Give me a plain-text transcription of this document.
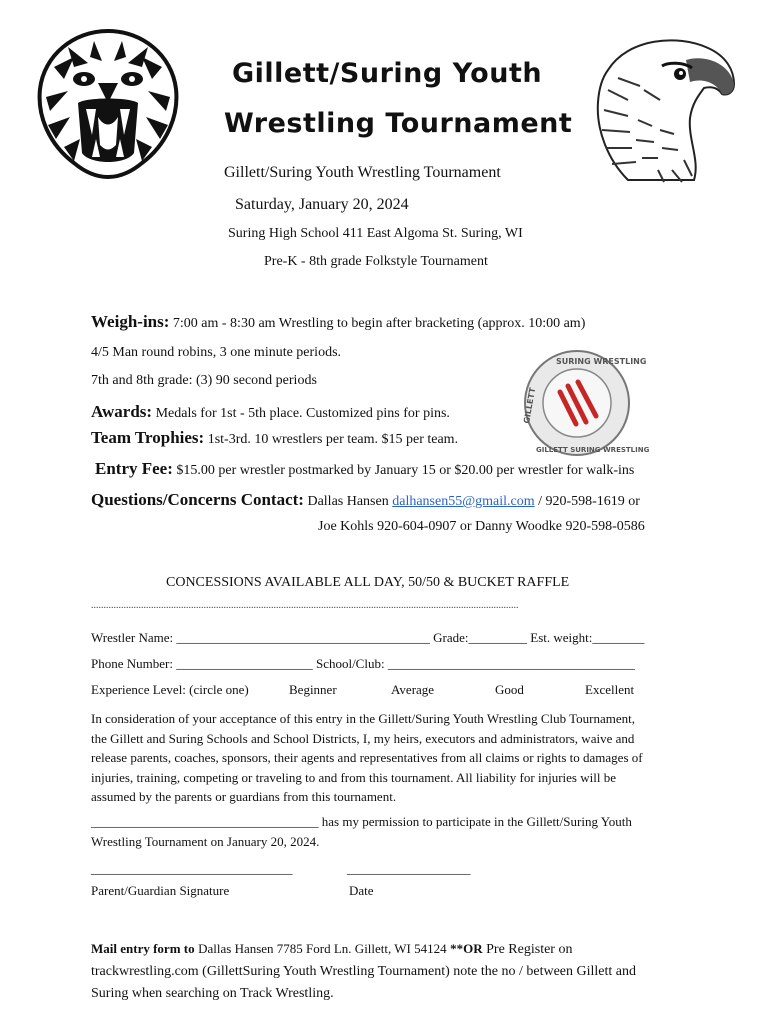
Gillett/Suring Youth
Wrestling Tournament
Gillett/Suring Youth Wrestling Tournament
Saturday, January 20, 2024
Suring High School 411 East Algoma St. Suring, WI
Pre-K - 8th grade Folkstyle Tournament
SURING WRESTLING
GILLETT
GILLETT SURING WRESTLING
Weigh-ins: 7:00 am - 8:30 am Wrestling to begin after bracketing (approx. 10:00 am)
4/5 Man round robins, 3 one minute periods.
7th and 8th grade: (3) 90 second periods
Awards: Medals for 1st - 5th place. Customized pins for pins.
Team Trophies: 1st-3rd. 10 wrestlers per team. $15 per team.
Entry Fee: $15.00 per wrestler postmarked by January 15 or $20.00 per wrestler for walk-ins
Questions/Concerns Contact: Dallas Hansen dalhansen55@gmail.com / 920-598-1619 or
Joe Kohls 920-604-0907 or Danny Woodke 920-598-0586
CONCESSIONS AVAILABLE ALL DAY, 50/50 & BUCKET RAFFLE
...........................................................................................................................................................................
Wrestler Name: _______________________________________ Grade:_________ Est. weight:________
Phone Number: _____________________ School/Club: ______________________________________
Experience Level: (circle one)	Beginner	Average	Good	Excellent
In consideration of your acceptance of this entry in the Gillett/Suring Youth Wrestling Club Tournament,
the Gillett and Suring Schools and School Districts, I, my heirs, executors and administrators, waive and
release parents, coaches, sponsors, their agents and representatives from all claims or rights to damages of
injuries, training, competing or traveling to and from this tournament. All liability for injuries will be
assumed by the parents or guardians from this tournament.
___________________________________ has my permission to participate in the Gillett/Suring Youth
Wrestling Tournament on January 20, 2024.
_______________________________	___________________
Parent/Guardian Signature	Date
Mail entry form to Dallas Hansen 7785 Ford Ln. Gillett, WI 54124 **OR Pre Register on
trackwrestling.com (GillettSuring Youth Wrestling Tournament) note the no / between Gillett and
Suring when searching on Track Wrestling.
